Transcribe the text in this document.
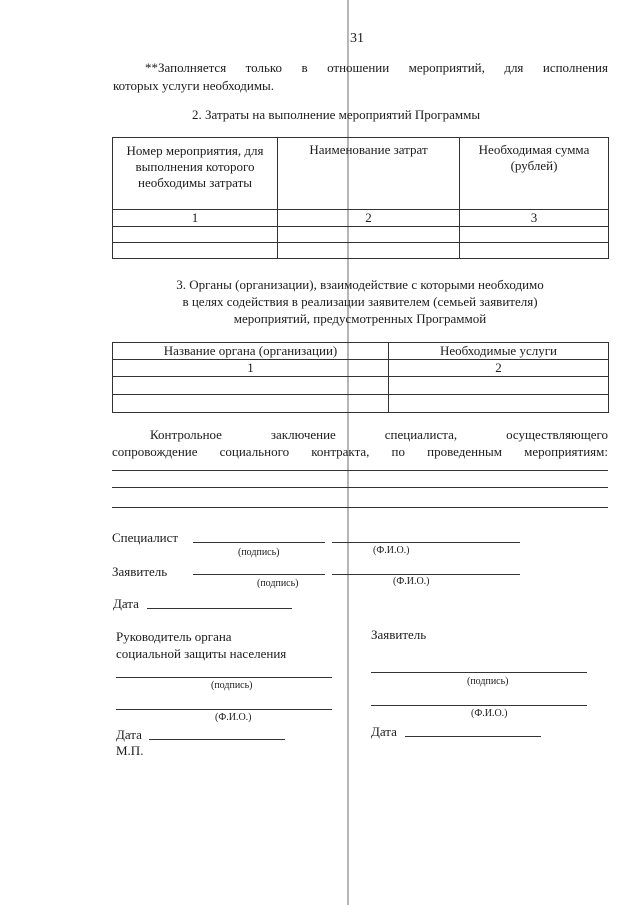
31
**Заполняется только в отношении мероприятий, для исполнения
которых услуги необходимы.
2. Затраты на выполнение мероприятий Программы
Номер мероприятия, для выполнения которого необходимы затраты	Наименование затрат	Необходимая сумма (рублей)
1	2	3

3. Органы (организации), взаимодействие с которыми необходимо
в целях содействия в реализации заявителем (семьей заявителя)
мероприятий, предусмотренных Программой
Название органа (организации)	Необходимые услуги
1	2

Контрольное заключение специалиста, осуществляющего
сопровождение социального контракта, по проведенным мероприятиям:
Специалист
(подпись)	(Ф.И.О.)
Заявитель
(подпись)	(Ф.И.О.)
Дата
Руководитель органа
социальной защиты населения
(подпись)
(Ф.И.О.)
Дата
М.П.
Заявитель
(подпись)
(Ф.И.О.)
Дата
